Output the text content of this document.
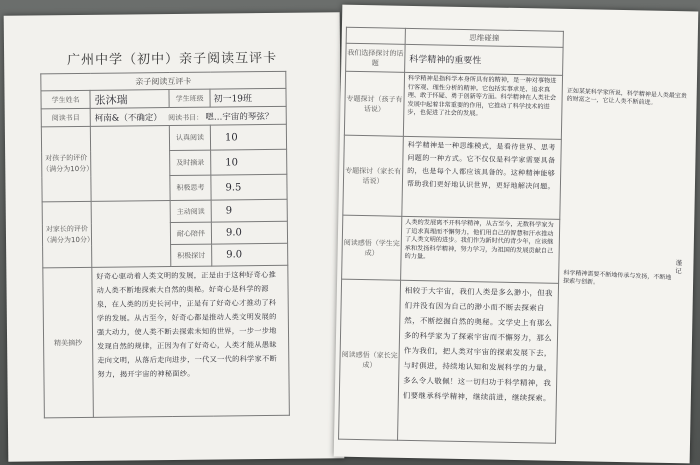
广州中学（初中）亲子阅读互评卡
亲子阅读互评卡			
学生姓名	张沐瑞	学生班级	初一19班
阅读书目	柯南&（不确定） 阅读书目： 嗯…宇宙的琴弦？		
对孩子的评价（满分为10分）		认真阅读	10
		及时摘录	10
		积极思考	9.5
对家长的评价（满分为10分）		主动阅读	9
		耐心陪伴	9.0
		积极探讨	9.0
精美摘抄	好奇心驱动着人类文明的发展，正是由于这种好奇心推动人类不断地探索大自然的奥秘。好奇心是科学的源泉，在人类的历史长河中，正是有了好奇心才推动了科学的发展。从古至今，好奇心都是推动人类文明发展的强大动力，使人类不断去探索未知的世界，一步一步地发现自然的规律，正因为有了好奇心，人类才能从愚昧走向文明，从落后走向进步，一代又一代的科学家不断努力，揭开宇宙的神秘面纱。		
	思维碰撞
我们选择探讨的话题	科学精神的重要性
专题探讨（孩子有话说）	科学精神是指科学本身所具有的精神，是一种对事物进行客观、理性分析的精神。它包括实事求是、追求真理、敢于怀疑、勇于创新等方面。科学精神在人类社会发展中起着非常重要的作用，它推动了科学技术的进步，也促进了社会的发展。
专题探讨（家长有话说）	科学精神是一种思维模式，是看待世界、思考问题的一种方式。它不仅仅是科学家需要具备的，也是每个人都应该具备的。这种精神能够帮助我们更好地认识世界，更好地解决问题。
阅读感悟（学生完成）	人类的发展离不开科学精神，从古至今，无数科学家为了追求真理而不懈努力，他们用自己的智慧和汗水推动了人类文明的进步。我们作为新时代的青少年，应该继承和发扬科学精神，努力学习，为祖国的发展贡献自己的力量。
阅读感悟（家长完成）	相较于大宇宙，我们人类是多么渺小，但我们并没有因为自己的渺小而不断去探索自然，不断挖掘自然的奥秘。文学史上有那么多的科学家为了探索宇宙而不懈努力，那么作为我们，把人类对宇宙的探索发展下去，与时俱进，持续地认知和发展科学的力量。多么令人敬佩！这一切归功于科学精神，我们要继承科学精神，继续前进，继续探索。
正如某某科学家所说，科学精神是人类最宝贵的财富之一，它让人类不断前进。
科学精神需要不断地传承与发扬，不断地探索与创新。
谨记
